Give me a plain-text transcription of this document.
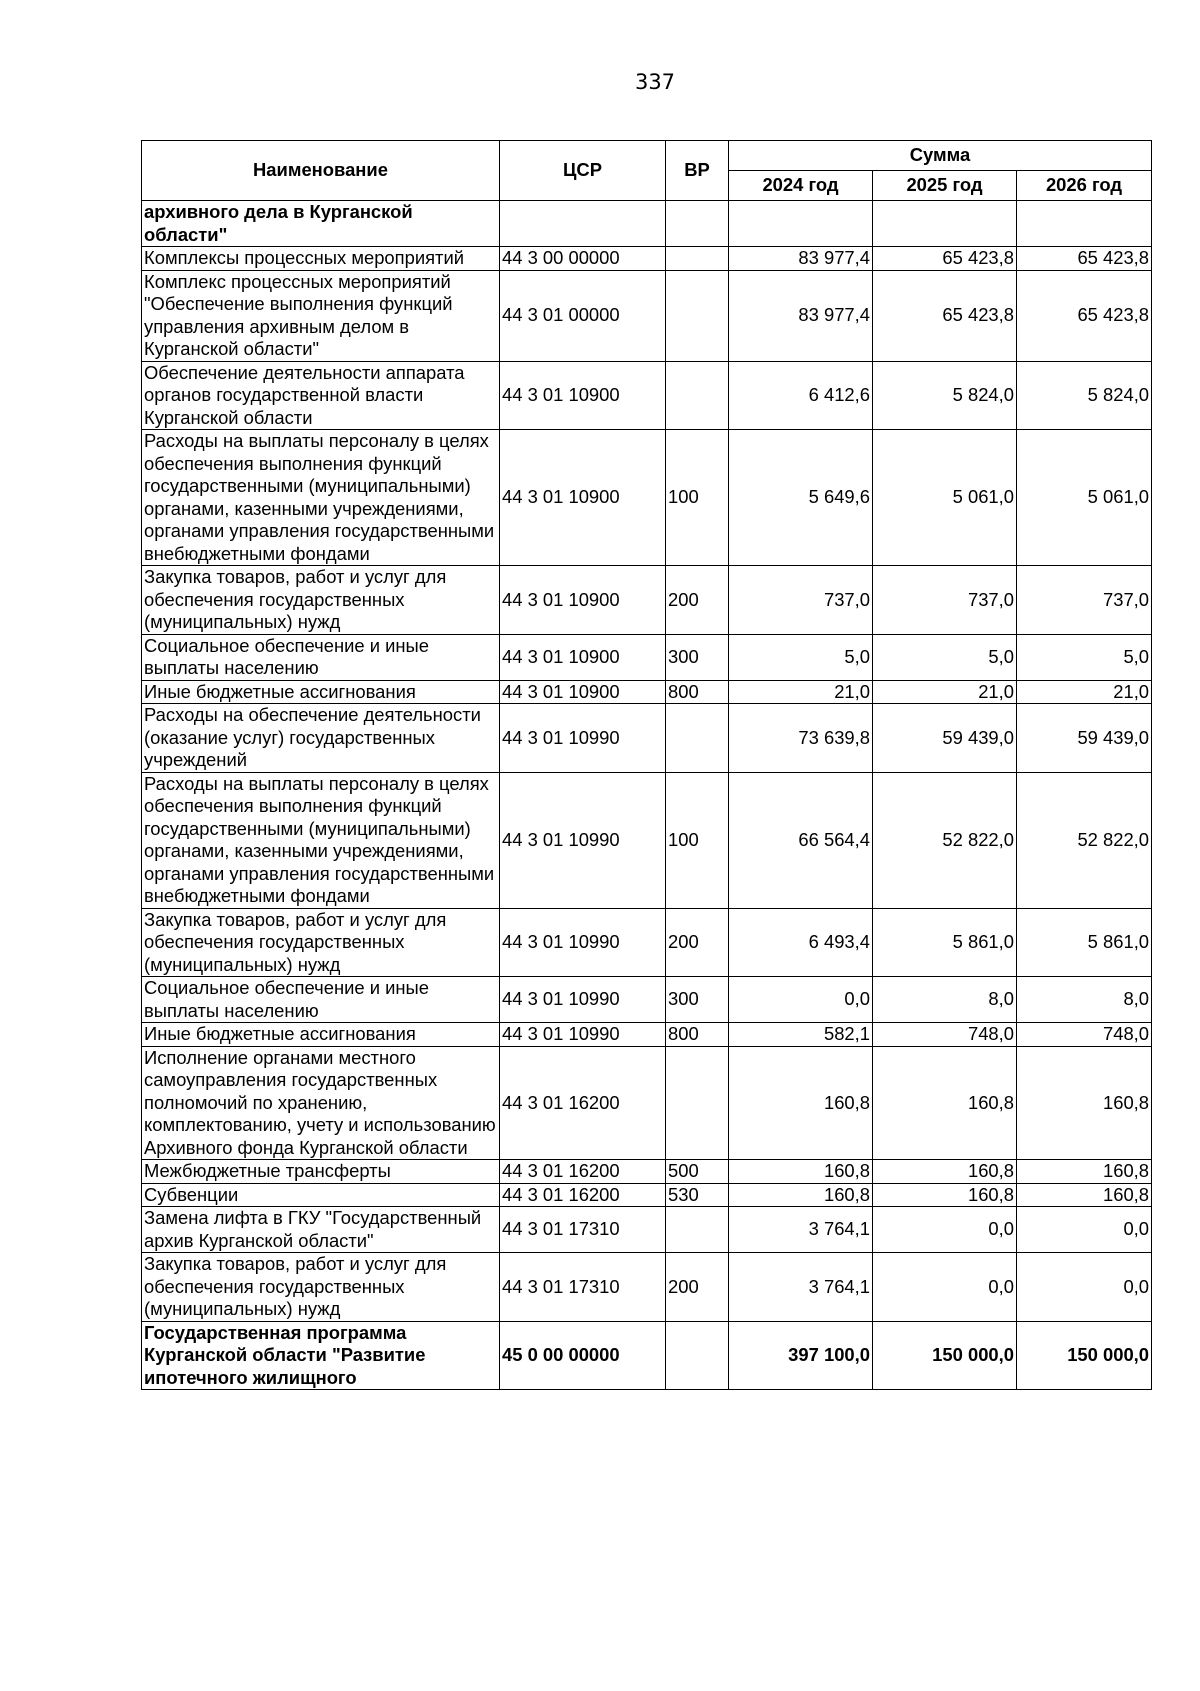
337
Наименование	ЦСР	ВР	Сумма		
			2024 год	2025 год	2026 год
архивного дела в Курганской области"					
Комплексы процессных мероприятий	44 3 00 00000		83 977,4	65 423,8	65 423,8
Комплекс процессных мероприятий "Обеспечение выполнения функций управления архивным делом в Курганской области"	44 3 01 00000		83 977,4	65 423,8	65 423,8
Обеспечение деятельности аппарата органов государственной власти Курганской области	44 3 01 10900		6 412,6	5 824,0	5 824,0
Расходы на выплаты персоналу в целях обеспечения выполнения функций государственными (муниципальными) органами, казенными учреждениями, органами управления государственными внебюджетными фондами	44 3 01 10900	100	5 649,6	5 061,0	5 061,0
Закупка товаров, работ и услуг для обеспечения государственных (муниципальных) нужд	44 3 01 10900	200	737,0	737,0	737,0
Социальное обеспечение и иные выплаты населению	44 3 01 10900	300	5,0	5,0	5,0
Иные бюджетные ассигнования	44 3 01 10900	800	21,0	21,0	21,0
Расходы на обеспечение деятельности (оказание услуг) государственных учреждений	44 3 01 10990		73 639,8	59 439,0	59 439,0
Расходы на выплаты персоналу в целях обеспечения выполнения функций государственными (муниципальными) органами, казенными учреждениями, органами управления государственными внебюджетными фондами	44 3 01 10990	100	66 564,4	52 822,0	52 822,0
Закупка товаров, работ и услуг для обеспечения государственных (муниципальных) нужд	44 3 01 10990	200	6 493,4	5 861,0	5 861,0
Социальное обеспечение и иные выплаты населению	44 3 01 10990	300	0,0	8,0	8,0
Иные бюджетные ассигнования	44 3 01 10990	800	582,1	748,0	748,0
Исполнение органами местного самоуправления государственных полномочий по хранению, комплектованию, учету и использованию Архивного фонда Курганской области	44 3 01 16200		160,8	160,8	160,8
Межбюджетные трансферты	44 3 01 16200	500	160,8	160,8	160,8
Субвенции	44 3 01 16200	530	160,8	160,8	160,8
Замена лифта в ГКУ "Государственный архив Курганской области"	44 3 01 17310		3 764,1	0,0	0,0
Закупка товаров, работ и услуг для обеспечения государственных (муниципальных) нужд	44 3 01 17310	200	3 764,1	0,0	0,0
Государственная программа Курганской области "Развитие ипотечного жилищного	45 0 00 00000		397 100,0	150 000,0	150 000,0
